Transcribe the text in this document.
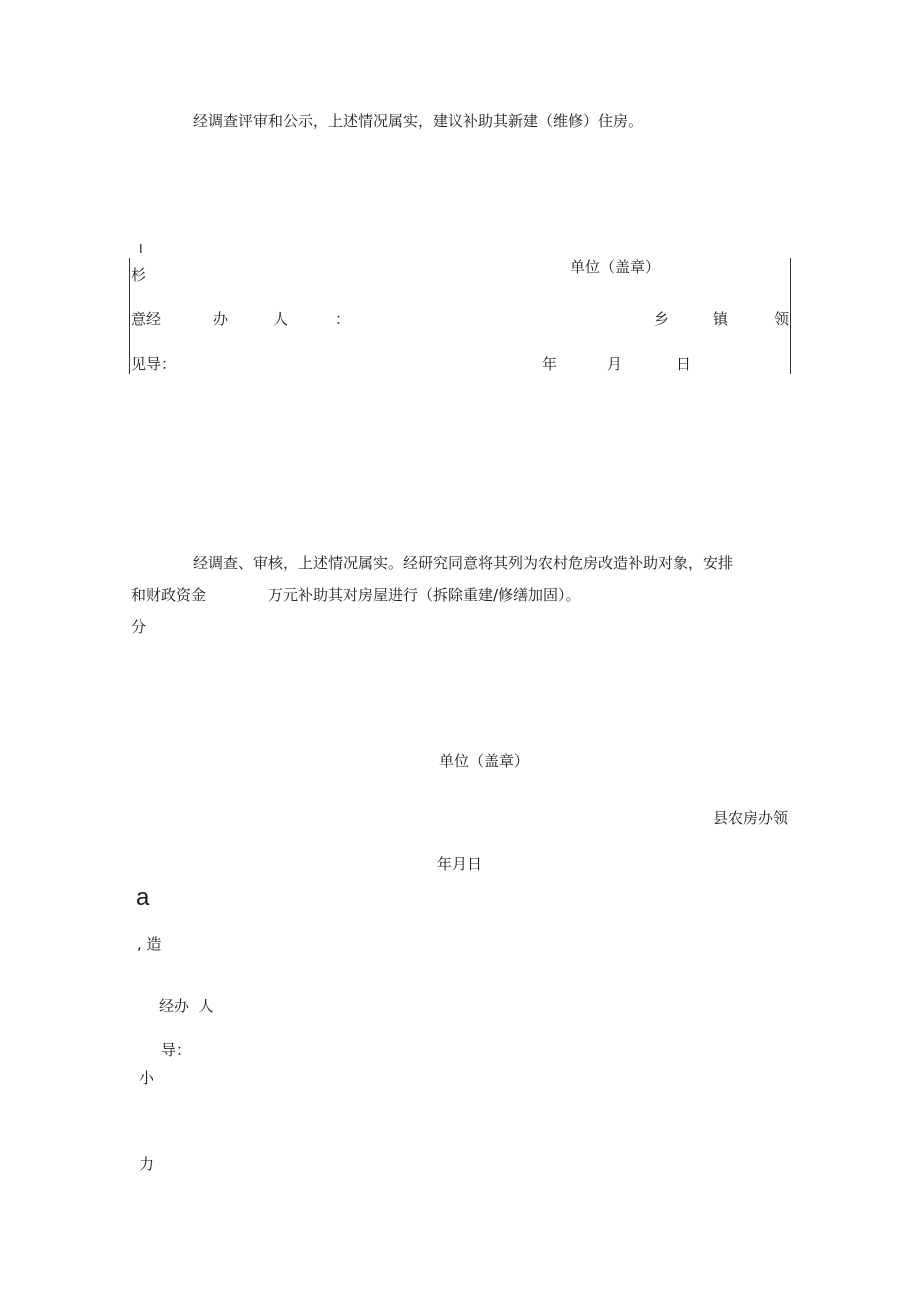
经调查评审和公示，上述情况属实，建议补助其新建（维修）住房。
I
杉	单位（盖章）
意经	办	人	：	乡	镇	领
见导：	年	月	日
经调查、审核，上述情况属实。经研究同意将其列为农村危房改造补助对象，安排
和财政资金	万元补助其对房屋进行（拆除重建/修缮加固）。
分
单位（盖章）
县农房办领
年月日
a
, 造
经办  人
导：
小
力
